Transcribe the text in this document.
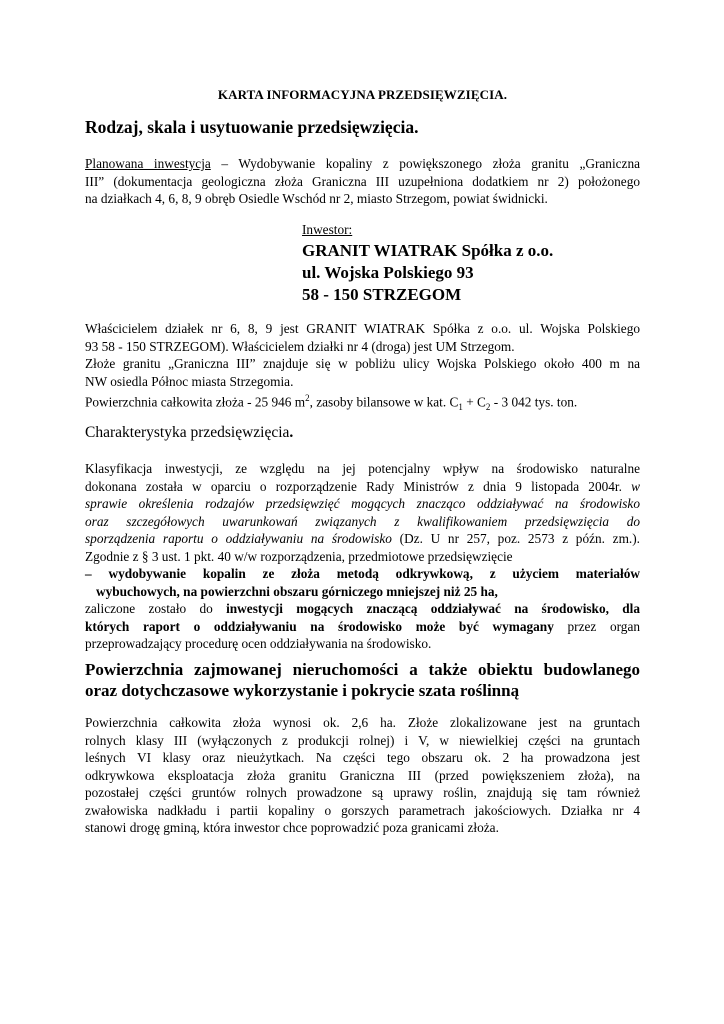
KARTA INFORMACYJNA PRZEDSIĘWZIĘCIA.
Rodzaj, skala i usytuowanie przedsięwzięcia.
Planowana inwestycja – Wydobywanie kopaliny z powiększonego złoża granitu „Graniczna
III” (dokumentacja geologiczna złoża Graniczna III uzupełniona dodatkiem nr 2) położonego
na działkach 4, 6, 8, 9 obręb Osiedle Wschód nr 2, miasto Strzegom, powiat świdnicki.
Inwestor:
GRANIT WIATRAK Spółka z o.o.
ul. Wojska Polskiego 93
58 - 150 STRZEGOM
Właścicielem działek nr 6, 8, 9 jest GRANIT WIATRAK Spółka z o.o. ul. Wojska Polskiego
93 58 - 150 STRZEGOM). Właścicielem działki nr 4 (droga) jest UM Strzegom.
Złoże granitu „Graniczna III” znajduje się w pobliżu ulicy Wojska Polskiego około 400 m na
NW osiedla Północ miasta Strzegomia.
Powierzchnia całkowita złoża - 25 946 $m^2$, zasoby bilansowe w kat. $C_1 + C_2 - 3$ 042 tys. ton.
Charakterystyka przedsięwzięcia.
Klasyfikacja inwestycji, ze względu na jej potencjalny wpływ na środowisko naturalne
dokonana została w oparciu o rozporządzenie Rady Ministrów z dnia 9 listopada 2004r. w
sprawie określenia rodzajów przedsięwzięć mogących znacząco oddziaływać na środowisko
oraz szczegółowych uwarunkowań związanych z kwalifikowaniem przedsięwzięcia do
sporządzenia raportu o oddziaływaniu na środowisko (Dz. U nr 257, poz. 2573 z późn. zm.).
Zgodnie z § 3 ust. 1 pkt. 40 w/w rozporządzenia, przedmiotowe przedsięwzięcie
– wydobywanie kopalin ze złoża metodą odkrywkową, z użyciem materiałów
wybuchowych, na powierzchni obszaru górniczego mniejszej niż 25 ha,
zaliczone zostało do inwestycji mogących znaczącą oddziaływać na środowisko, dla
których raport o oddziaływaniu na środowisko może być wymagany przez organ
przeprowadzający procedurę ocen oddziaływania na środowisko.
Powierzchnia zajmowanej nieruchomości a także obiektu budowlanego
oraz dotychczasowe wykorzystanie i pokrycie szata roślinną
Powierzchnia całkowita złoża wynosi ok. 2,6 ha. Złoże zlokalizowane jest na gruntach
rolnych klasy III (wyłączonych z produkcji rolnej) i V, w niewielkiej części na gruntach
leśnych VI klasy oraz nieużytkach. Na części tego obszaru ok. 2 ha prowadzona jest
odkrywkowa eksploatacja złoża granitu Graniczna III (przed powiększeniem złoża), na
pozostałej części gruntów rolnych prowadzone są uprawy roślin, znajdują się tam również
zwałowiska nadkładu i partii kopaliny o gorszych parametrach jakościowych. Działka nr 4
stanowi drogę gminą, która inwestor chce poprowadzić poza granicami złoża.
